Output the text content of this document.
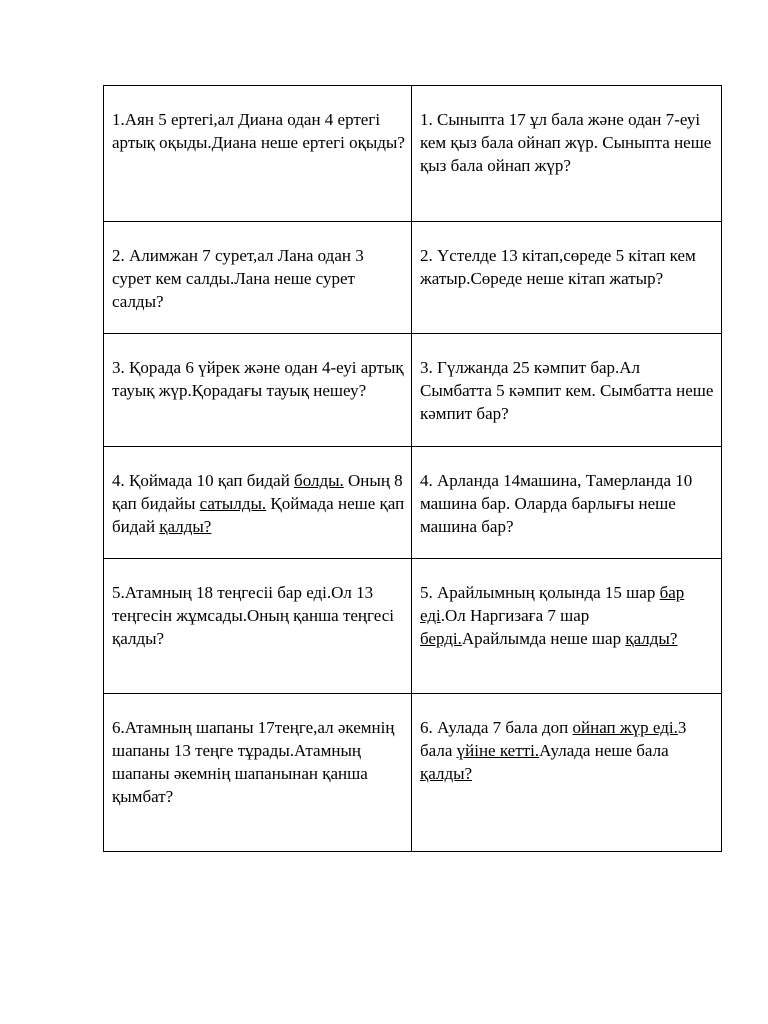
1.Аян 5 ертегі,ал Диана одан 4 ертегі артық оқыды.Диана неше ертегі оқыды?	1. Сыныпта 17 ұл бала және одан 7-еуі кем қыз бала ойнап жүр. Сыныпта неше қыз бала ойнап жүр?
2. Алимжан 7 сурет,ал Лана одан 3 сурет кем салды.Лана неше сурет салды?	2. Үстелде 13 кітап,сөреде 5 кітап кем жатыр.Сөреде неше кітап жатыр?
3. Қорада 6 үйрек және одан 4-еуі артық тауық жүр.Қорадағы тауық нешеу?	3. Гүлжанда 25 кәмпит бар.Ал Сымбатта 5 кәмпит кем. Сымбатта неше кәмпит бар?
4. Қоймада 10 қап бидай болды. Оның 8 қап бидайы сатылды. Қоймада неше қап бидай қалды?	4. Арланда 14машина, Тамерланда 10 машина бар. Оларда барлығы неше машина бар?
5.Атамның 18 теңгесіі бар еді.Ол 13 теңгесін жұмсады.Оның қанша теңгесі қалды?	5. Арайлымның қолында 15 шар бар еді.Ол Наргизаға 7 шар берді.Арайлымда неше шар қалды?
6.Атамның шапаны 17теңге,ал әкемнің шапаны 13 теңге тұрады.Атамның шапаны әкемнің шапанынан қанша қымбат?	6. Аулада 7 бала доп ойнап жүр еді.3 бала үйіне кетті.Аулада неше бала қалды?
